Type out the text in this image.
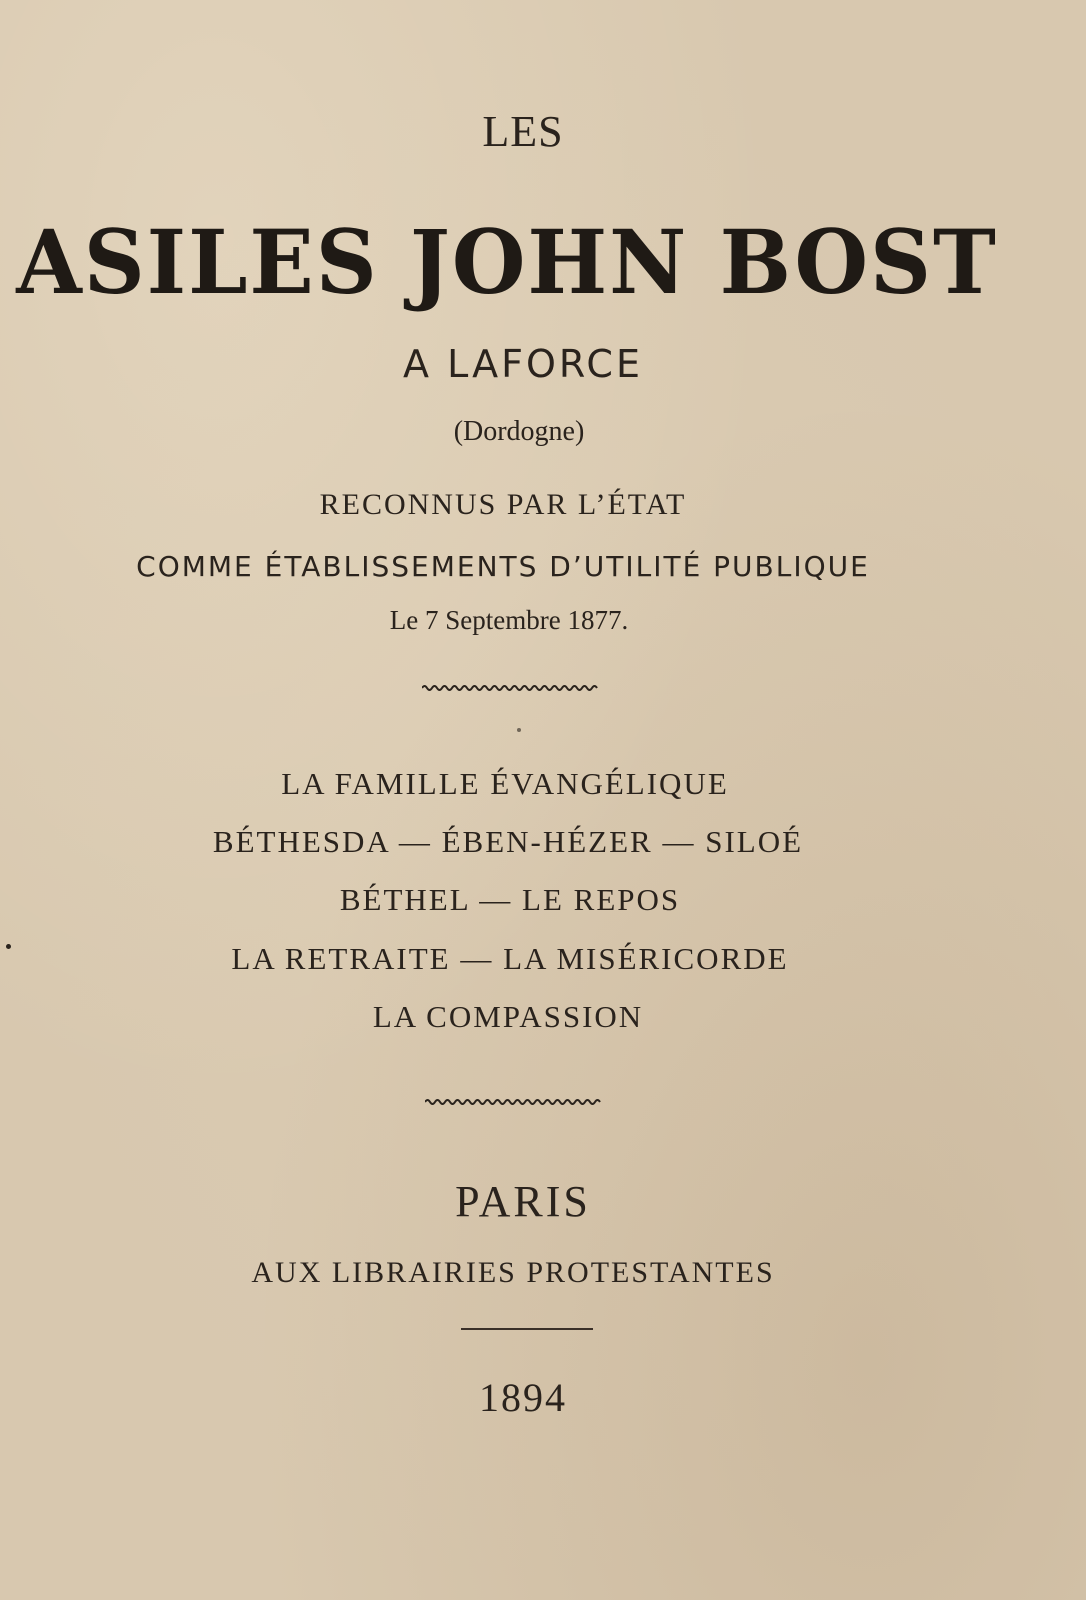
LES
ASILES JOHN BOST
A LAFORCE
(Dordogne)
RECONNUS PAR L’ÉTAT
COMME ÉTABLISSEMENTS D’UTILITÉ PUBLIQUE
Le 7 Septembre 1877.
LA FAMILLE ÉVANGÉLIQUE
BÉTHESDA — ÉBEN-HÉZER — SILOÉ
BÉTHEL — LE REPOS
LA RETRAITE — LA MISÉRICORDE
LA COMPASSION
PARIS
AUX LIBRAIRIES PROTESTANTES
1894
